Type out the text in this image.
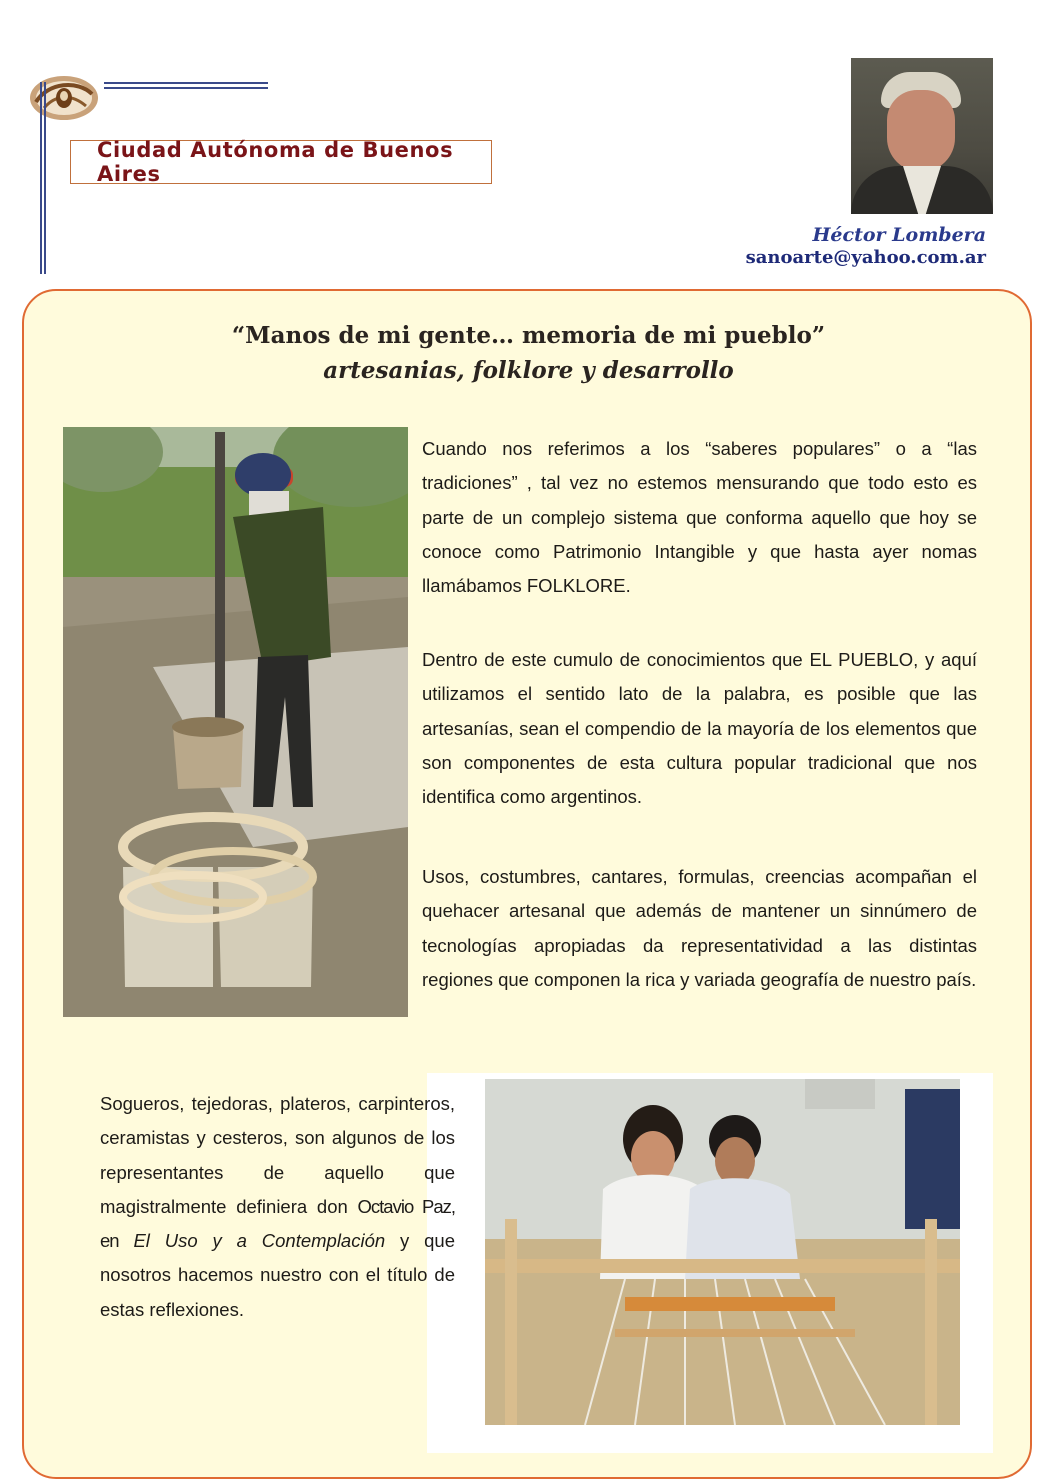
Ciudad Autónoma de Buenos Aires
Héctor Lombera
sanoarte@yahoo.com.ar
“Manos de mi gente… memoria de mi pueblo”
artesanias, folklore y desarrollo
Cuando nos referimos a los “saberes populares” o a “las tradiciones” , tal vez no estemos mensurando que todo esto es parte de un complejo sistema que conforma aquello que hoy se conoce como Patrimonio Intangible y que hasta ayer nomas llamábamos FOLKLORE.
Dentro de este cumulo de conocimientos que EL PUEBLO, y aquí utilizamos el sentido lato de la palabra, es posible que las artesanías, sean el compendio de la mayoría de los elementos que son componentes de esta cultura popular tradicional que nos identifica como argentinos.
Usos, costumbres, cantares, formulas, creencias acompañan el quehacer artesanal que además de mantener un sinnúmero de tecnologías apropiadas da representatividad a las distintas regiones que componen la rica y variada geografía de nuestro país.
Sogueros, tejedoras, plateros, carpinteros, ceramistas y cesteros, son algunos de los representantes de aquello que magistralmente definiera don Octavio Paz, en El Uso y a Contemplación y que nosotros hacemos nuestro con el título de estas reflexiones.
